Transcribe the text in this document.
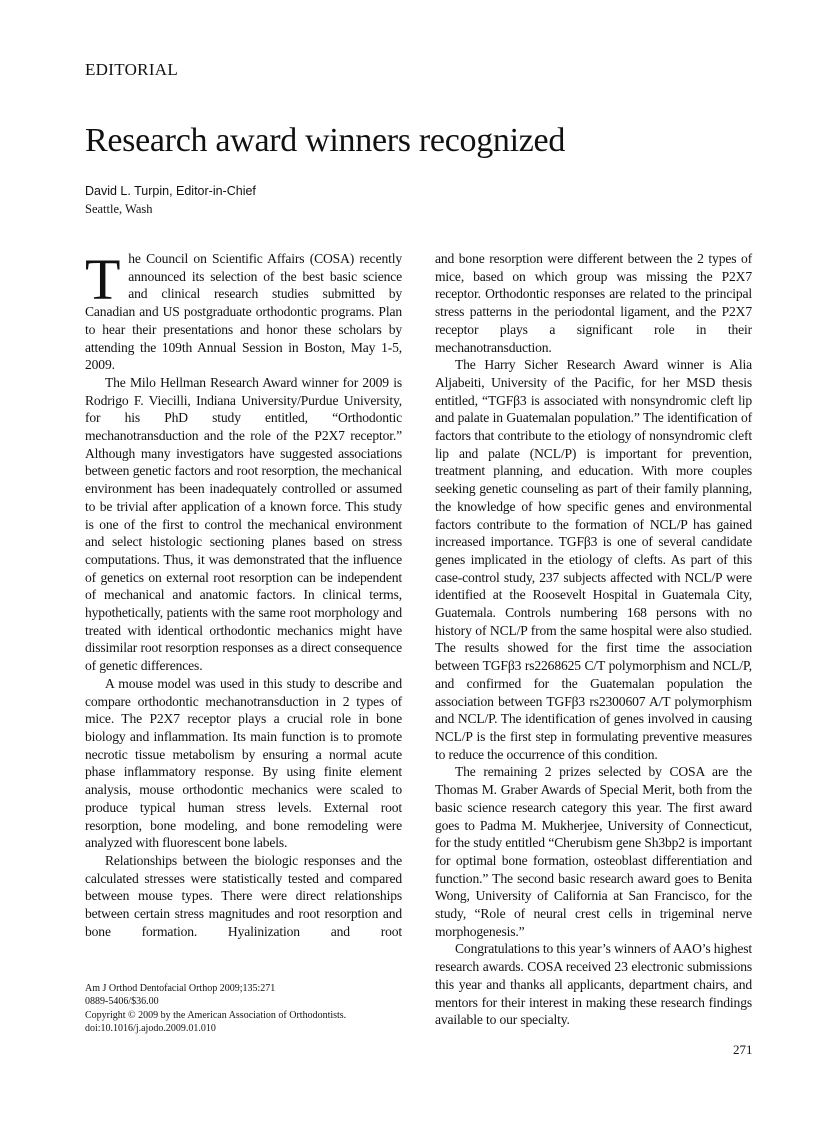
EDITORIAL
Research award winners recognized
David L. Turpin, Editor-in-Chief
Seattle, Wash

The Council on Scientific Affairs (COSA) recently announced its selection of the best basic science and clinical research studies submitted by Canadian and US postgraduate orthodontic programs. Plan to hear their presentations and honor these scholars by attending the 109th Annual Session in Boston, May 1-5, 2009.

The Milo Hellman Research Award winner for 2009 is Rodrigo F. Viecilli, Indiana University/Purdue University, for his PhD study entitled, “Orthodontic mechanotransduction and the role of the P2X7 receptor.” Although many investigators have suggested associations between genetic factors and root resorption, the mechanical environment has been inadequately controlled or assumed to be trivial after application of a known force. This study is one of the first to control the mechanical environment and select histologic sectioning planes based on stress computations. Thus, it was demonstrated that the influence of genetics on external root resorption can be independent of mechanical and anatomic factors. In clinical terms, hypothetically, patients with the same root morphology and treated with identical orthodontic mechanics might have dissimilar root resorption responses as a direct consequence of genetic differences.

A mouse model was used in this study to describe and compare orthodontic mechanotransduction in 2 types of mice. The P2X7 receptor plays a crucial role in bone biology and inflammation. Its main function is to promote necrotic tissue metabolism by ensuring a normal acute phase inflammatory response. By using finite element analysis, mouse orthodontic mechanics were scaled to produce typical human stress levels. External root resorption, bone modeling, and bone remodeling were analyzed with fluorescent bone labels.

Relationships between the biologic responses and the calculated stresses were statistically tested and compared between mouse types. There were direct relationships between certain stress magnitudes and root resorption and bone formation. Hyalinization and root

and bone resorption were different between the 2 types of mice, based on which group was missing the P2X7 receptor. Orthodontic responses are related to the principal stress patterns in the periodontal ligament, and the P2X7 receptor plays a significant role in their mechanotransduction.

The Harry Sicher Research Award winner is Alia Aljabeiti, University of the Pacific, for her MSD thesis entitled, “TGFβ3 is associated with nonsyndromic cleft lip and palate in Guatemalan population.” The identification of factors that contribute to the etiology of nonsyndromic cleft lip and palate (NCL/P) is important for prevention, treatment planning, and education. With more couples seeking genetic counseling as part of their family planning, the knowledge of how specific genes and environmental factors contribute to the formation of NCL/P has gained increased importance. TGFβ3 is one of several candidate genes implicated in the etiology of clefts. As part of this case-control study, 237 subjects affected with NCL/P were identified at the Roosevelt Hospital in Guatemala City, Guatemala. Controls numbering 168 persons with no history of NCL/P from the same hospital were also studied. The results showed for the first time the association between TGFβ3 rs2268625 C/T polymorphism and NCL/P, and confirmed for the Guatemalan population the association between TGFβ3 rs2300607 A/T polymorphism and NCL/P. The identification of genes involved in causing NCL/P is the first step in formulating preventive measures to reduce the occurrence of this condition.

The remaining 2 prizes selected by COSA are the Thomas M. Graber Awards of Special Merit, both from the basic science research category this year. The first award goes to Padma M. Mukherjee, University of Connecticut, for the study entitled “Cherubism gene Sh3bp2 is important for optimal bone formation, osteoblast differentiation and function.” The second basic research award goes to Benita Wong, University of California at San Francisco, for the study, “Role of neural crest cells in trigeminal nerve morphogenesis.”

Congratulations to this year’s winners of AAO’s highest research awards. COSA received 23 electronic submissions this year and thanks all applicants, department chairs, and mentors for their interest in making these research findings available to our specialty.

Am J Orthod Dentofacial Orthop 2009;135:271
0889-5406/$36.00
Copyright © 2009 by the American Association of Orthodontists.
doi:10.1016/j.ajodo.2009.01.010
271
